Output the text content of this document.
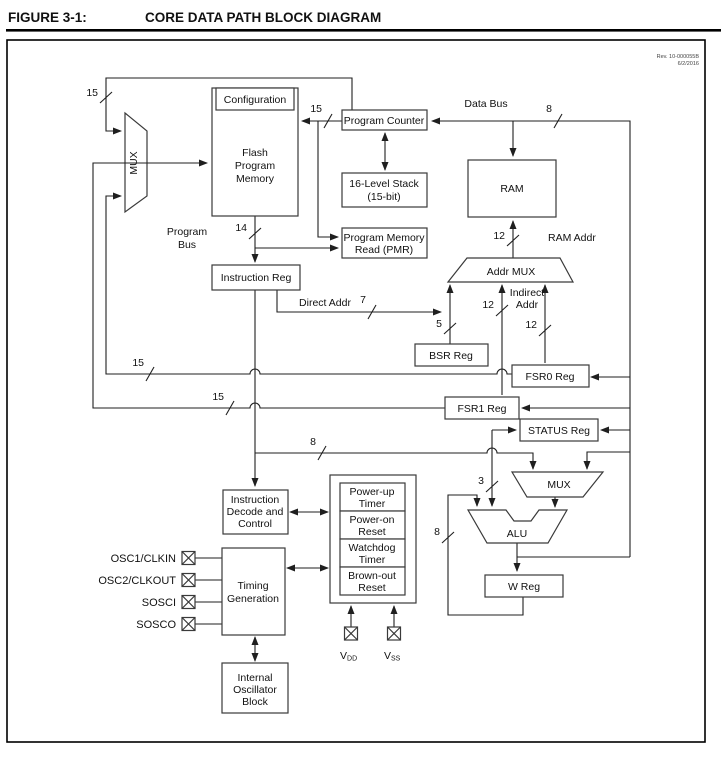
FIGURE 3-1:	CORE DATA PATH BLOCK DIAGRAM
Rev. 10-000055B
6/2/2016
Configuration
Flash
Program
Memory
Program Counter
16-Level Stack
(15-bit)
RAM
Program Memory
Read (PMR)
Instruction Reg	Addr MUX
BSR Reg
FSR0 Reg
FSR1 Reg
STATUS Reg
MUX
MUX
ALU
W Reg
Instruction
Decode and
Control
Timing
Generation
Internal
Oscillator
Block
Power-up
Timer
Power-on
Reset
Watchdog
Timer
Brown-out
Reset
Data Bus
Program
Bus
RAM Addr
Direct Addr
Indirect
Addr
15
15
14
8
12
7
5
12
12
15
15
8
3
8
OSC1/CLKIN
OSC2/CLKOUT
SOSCI
SOSCO
VDD	VSS
